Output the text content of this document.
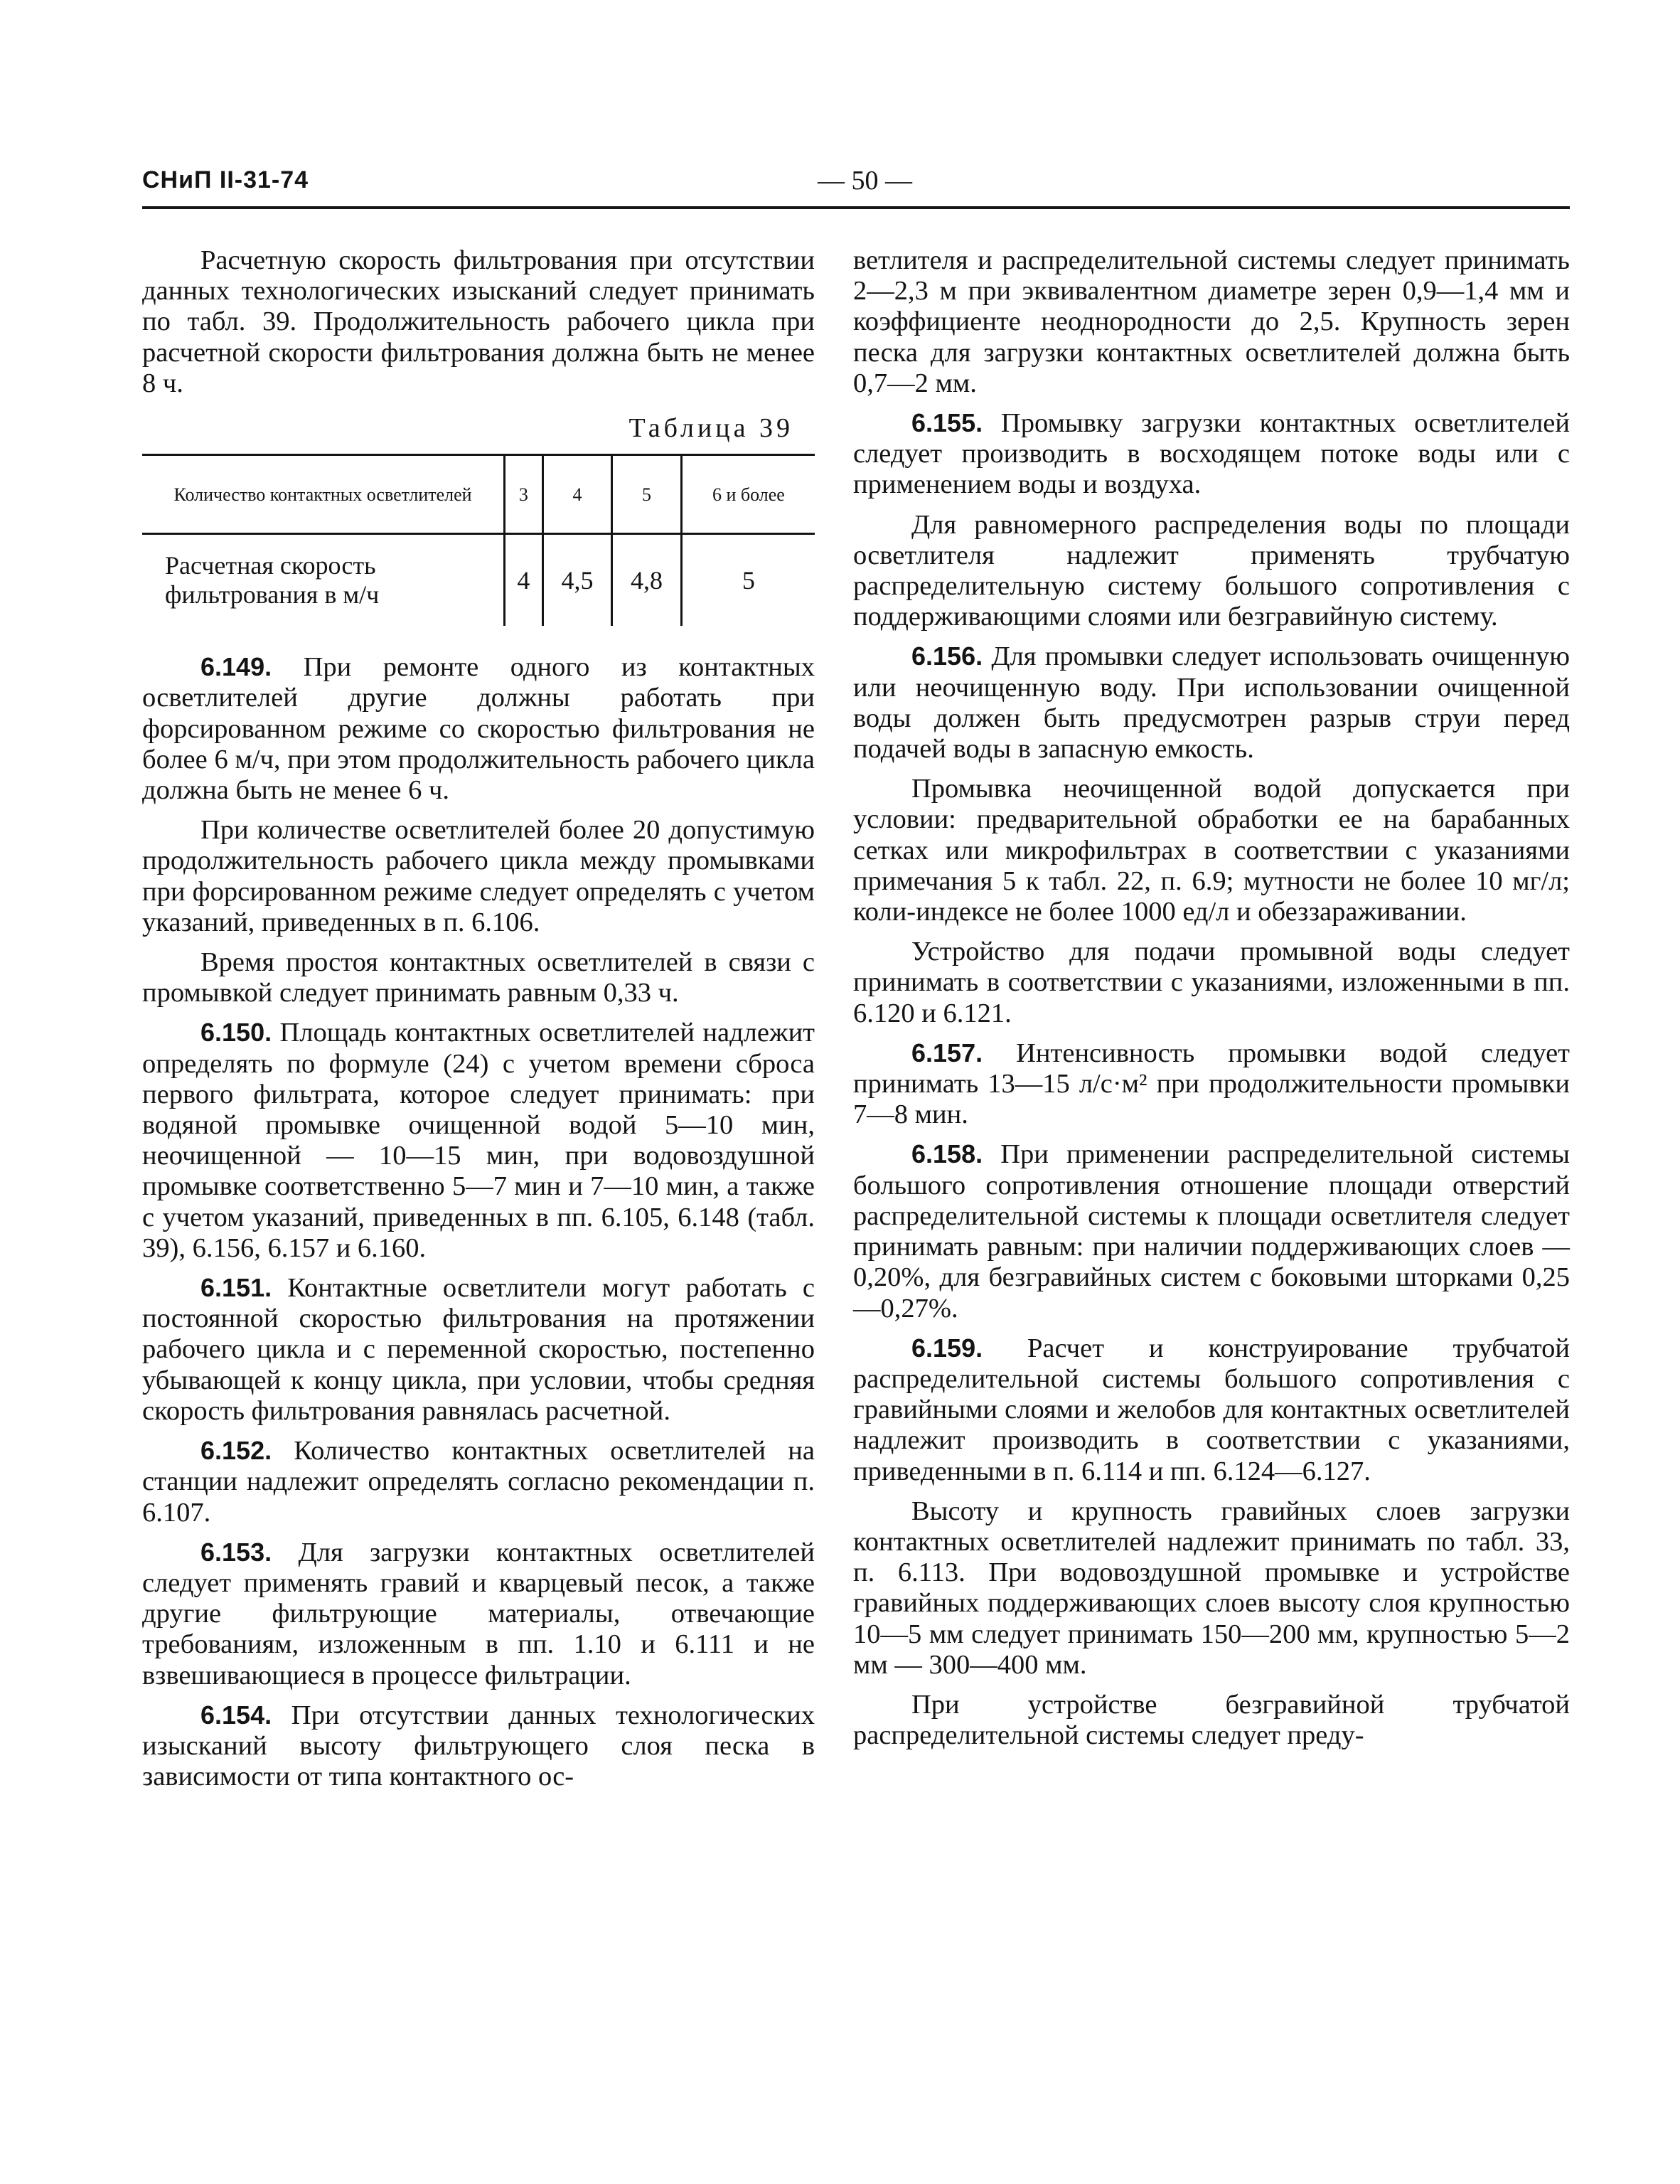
СНиП II-31-74	— 50 —

Расчетную скорость фильтрования при отсутствии данных технологических изысканий следует принимать по табл. 39. Продолжительность рабочего цикла при расчетной скорости фильтрования должна быть не менее 8 ч.

Таблица 39
Количество контактных осветлителей	3	4	5	6 и более
Расчетная скорость фильтрования в м/ч	4	4,5	4,8	5

6.149. При ремонте одного из контактных осветлителей другие должны работать при форсированном режиме со скоростью фильтрования не более 6 м/ч, при этом продолжительность рабочего цикла должна быть не менее 6 ч.

При количестве осветлителей более 20 допустимую продолжительность рабочего цикла между промывками при форсированном режиме следует определять с учетом указаний, приведенных в п. 6.106.

Время простоя контактных осветлителей в связи с промывкой следует принимать равным 0,33 ч.

6.150. Площадь контактных осветлителей надлежит определять по формуле (24) с учетом времени сброса первого фильтрата, которое следует принимать: при водяной промывке очищенной водой 5—10 мин, неочищенной — 10—15 мин, при водовоздушной промывке соответственно 5—7 мин и 7—10 мин, а также с учетом указаний, приведенных в пп. 6.105, 6.148 (табл. 39), 6.156, 6.157 и 6.160.

6.151. Контактные осветлители могут работать с постоянной скоростью фильтрования на протяжении рабочего цикла и с переменной скоростью, постепенно убывающей к концу цикла, при условии, чтобы средняя скорость фильтрования равнялась расчетной.

6.152. Количество контактных осветлителей на станции надлежит определять согласно рекомендации п. 6.107.

6.153. Для загрузки контактных осветлителей следует применять гравий и кварцевый песок, а также другие фильтрующие материалы, отвечающие требованиям, изложенным в пп. 1.10 и 6.111 и не взвешивающиеся в процессе фильтрации.

6.154. При отсутствии данных технологических изысканий высоту фильтрующего слоя песка в зависимости от типа контактного ос-

ветлителя и распределительной системы следует принимать 2—2,3 м при эквивалентном диаметре зерен 0,9—1,4 мм и коэффициенте неоднородности до 2,5. Крупность зерен песка для загрузки контактных осветлителей должна быть 0,7—2 мм.

6.155. Промывку загрузки контактных осветлителей следует производить в восходящем потоке воды или с применением воды и воздуха.

Для равномерного распределения воды по площади осветлителя надлежит применять трубчатую распределительную систему большого сопротивления с поддерживающими слоями или безгравийную систему.

6.156. Для промывки следует использовать очищенную или неочищенную воду. При использовании очищенной воды должен быть предусмотрен разрыв струи перед подачей воды в запасную емкость.

Промывка неочищенной водой допускается при условии: предварительной обработки ее на барабанных сетках или микрофильтрах в соответствии с указаниями примечания 5 к табл. 22, п. 6.9; мутности не более 10 мг/л; коли-индексе не более 1000 ед/л и обеззараживании.

Устройство для подачи промывной воды следует принимать в соответствии с указаниями, изложенными в пп. 6.120 и 6.121.

6.157. Интенсивность промывки водой следует принимать 13—15 л/с·м² при продолжительности промывки 7—8 мин.

6.158. При применении распределительной системы большого сопротивления отношение площади отверстий распределительной системы к площади осветлителя следует принимать равным: при наличии поддерживающих слоев — 0,20%, для безгравийных систем с боковыми шторками 0,25—0,27%.

6.159. Расчет и конструирование трубчатой распределительной системы большого сопротивления с гравийными слоями и желобов для контактных осветлителей надлежит производить в соответствии с указаниями, приведенными в п. 6.114 и пп. 6.124—6.127.

Высоту и крупность гравийных слоев загрузки контактных осветлителей надлежит принимать по табл. 33, п. 6.113. При водовоздушной промывке и устройстве гравийных поддерживающих слоев высоту слоя крупностью 10—5 мм следует принимать 150—200 мм, крупностью 5—2 мм — 300—400 мм.

При устройстве безгравийной трубчатой распределительной системы следует преду-
